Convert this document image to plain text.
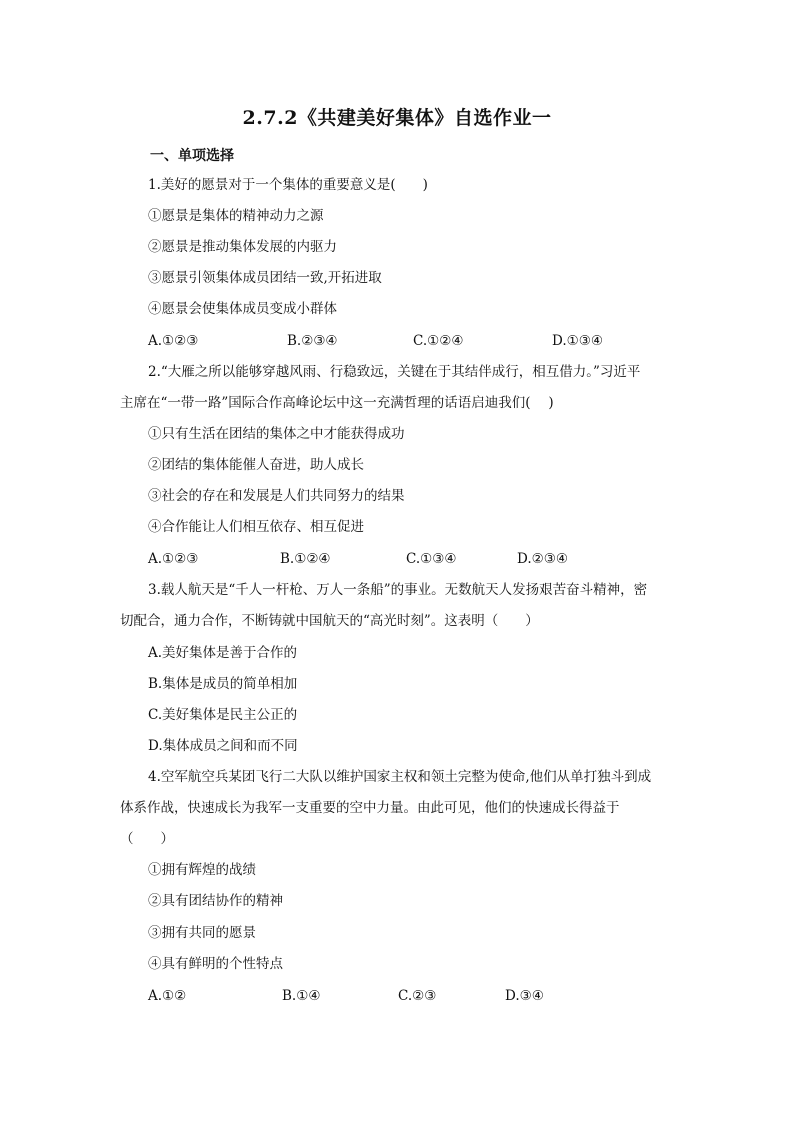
2.7.2《共建美好集体》自选作业一
一、单项选择
1.美好的愿景对于一个集体的重要意义是(　　)
①愿景是集体的精神动力之源
②愿景是推动集体发展的内驱力
③愿景引领集体成员团结一致,开拓进取
④愿景会使集体成员变成小群体
A.①②③	B.②③④	C.①②④	D.①③④
2.“大雁之所以能够穿越风雨、行稳致远，关键在于其结伴成行，相互借力。”习近平
主席在“一带一路”国际合作高峰论坛中这一充满哲理的话语启迪我们(　 )
①只有生活在团结的集体之中才能获得成功
②团结的集体能催人奋进，助人成长
③社会的存在和发展是人们共同努力的结果
④合作能让人们相互依存、相互促进
A.①②③	B.①②④	C.①③④	D.②③④
3.载人航天是“千人一杆枪、万人一条船”的事业。无数航天人发扬艰苦奋斗精神，密
切配合，通力合作，不断铸就中国航天的“高光时刻”。这表明（　　）
A.美好集体是善于合作的
B.集体是成员的简单相加
C.美好集体是民主公正的
D.集体成员之间和而不同
4.空军航空兵某团飞行二大队以维护国家主权和领土完整为使命,他们从单打独斗到成
体系作战，快速成长为我军一支重要的空中力量。由此可见，他们的快速成长得益于
（　　）
①拥有辉煌的战绩
②具有团结协作的精神
③拥有共同的愿景
④具有鲜明的个性特点
A.①②	B.①④	C.②③	D.③④
